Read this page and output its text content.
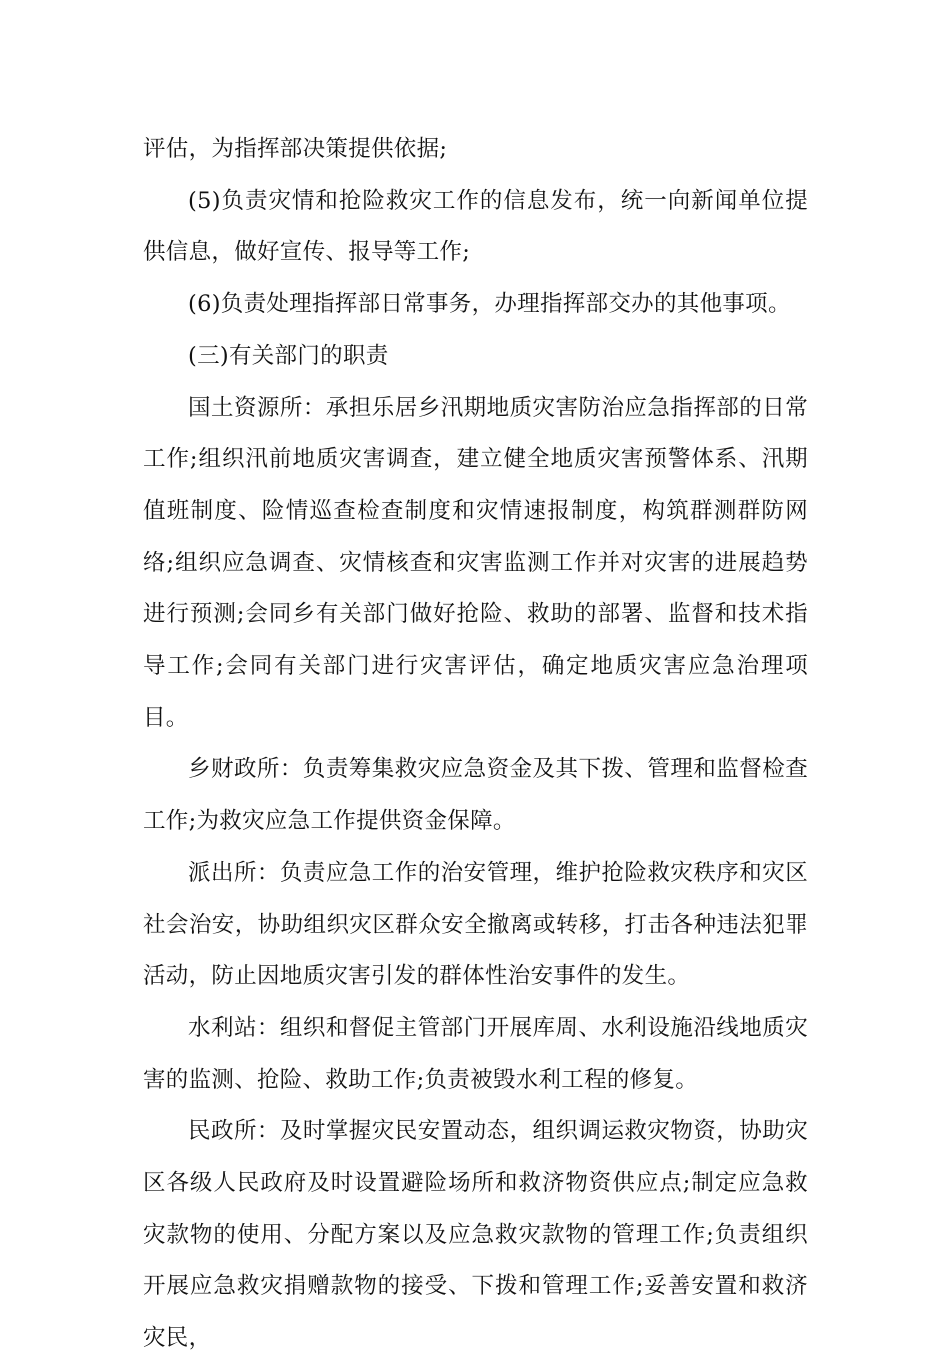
评估，为指挥部决策提供依据;

(5)负责灾情和抢险救灾工作的信息发布，统一向新闻单位提供信息，做好宣传、报导等工作;

(6)负责处理指挥部日常事务，办理指挥部交办的其他事项。

(三)有关部门的职责

国土资源所：承担乐居乡汛期地质灾害防治应急指挥部的日常工作;组织汛前地质灾害调查，建立健全地质灾害预警体系、汛期值班制度、险情巡查检查制度和灾情速报制度，构筑群测群防网络;组织应急调查、灾情核查和灾害监测工作并对灾害的进展趋势进行预测;会同乡有关部门做好抢险、救助的部署、监督和技术指导工作;会同有关部门进行灾害评估，确定地质灾害应急治理项目。

乡财政所：负责筹集救灾应急资金及其下拨、管理和监督检查工作;为救灾应急工作提供资金保障。

派出所：负责应急工作的治安管理，维护抢险救灾秩序和灾区社会治安，协助组织灾区群众安全撤离或转移，打击各种违法犯罪活动，防止因地质灾害引发的群体性治安事件的发生。

水利站：组织和督促主管部门开展库周、水利设施沿线地质灾害的监测、抢险、救助工作;负责被毁水利工程的修复。

民政所：及时掌握灾民安置动态，组织调运救灾物资，协助灾区各级人民政府及时设置避险场所和救济物资供应点;制定应急救灾款物的使用、分配方案以及应急救灾款物的管理工作;负责组织开展应急救灾捐赠款物的接受、下拨和管理工作;妥善安置和救济灾民，
